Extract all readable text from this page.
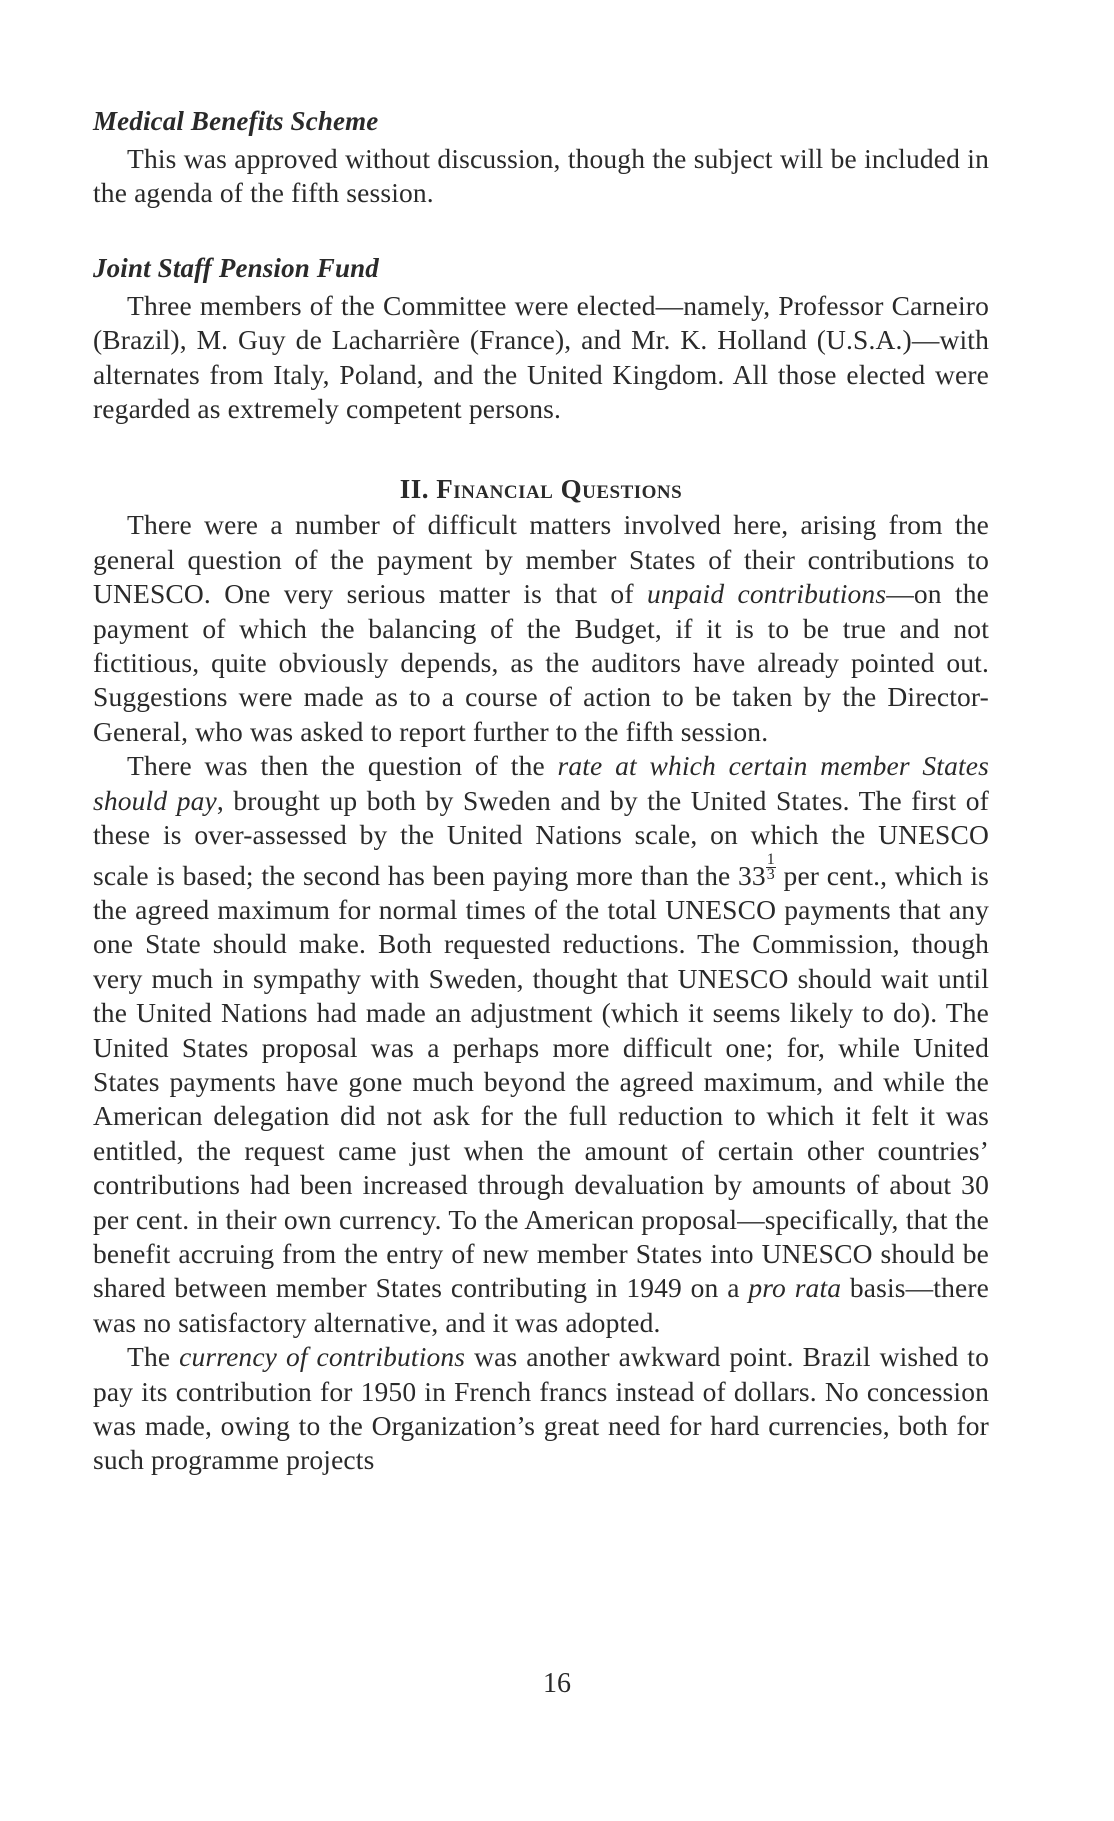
Medical Benefits Scheme

This was approved without discussion, though the subject will be included in the agenda of the fifth session.

Joint Staff Pension Fund

Three members of the Committee were elected—namely, Professor Carneiro (Brazil), M. Guy de Lacharrière (France), and Mr. K. Holland (U.S.A.)—with alternates from Italy, Poland, and the United Kingdom. All those elected were regarded as extremely competent persons.

II. Financial Questions

There were a number of difficult matters involved here, arising from the general question of the payment by member States of their contributions to UNESCO. One very serious matter is that of unpaid contributions—on the payment of which the balancing of the Budget, if it is to be true and not fictitious, quite obviously depends, as the auditors have already pointed out. Suggestions were made as to a course of action to be taken by the Director-General, who was asked to report further to the fifth session.

There was then the question of the rate at which certain member States should pay, brought up both by Sweden and by the United States. The first of these is over-assessed by the United Nations scale, on which the UNESCO scale is based; the second has been paying more than the $33 \frac{1}{3}$ per cent., which is the agreed maximum for normal times of the total UNESCO payments that any one State should make. Both requested reductions. The Commission, though very much in sympathy with Sweden, thought that UNESCO should wait until the United Nations had made an adjustment (which it seems likely to do). The United States proposal was a perhaps more difficult one; for, while United States payments have gone much beyond the agreed maximum, and while the American delegation did not ask for the full reduction to which it felt it was entitled, the request came just when the amount of certain other countries’ contributions had been increased through devaluation by amounts of about 30 per cent. in their own currency. To the American proposal—specifically, that the benefit accruing from the entry of new member States into UNESCO should be shared between member States contributing in 1949 on a pro rata basis—there was no satisfactory alternative, and it was adopted.

The currency of contributions was another awkward point. Brazil wished to pay its contribution for 1950 in French francs instead of dollars. No concession was made, owing to the Organization’s great need for hard currencies, both for such programme projects

16
